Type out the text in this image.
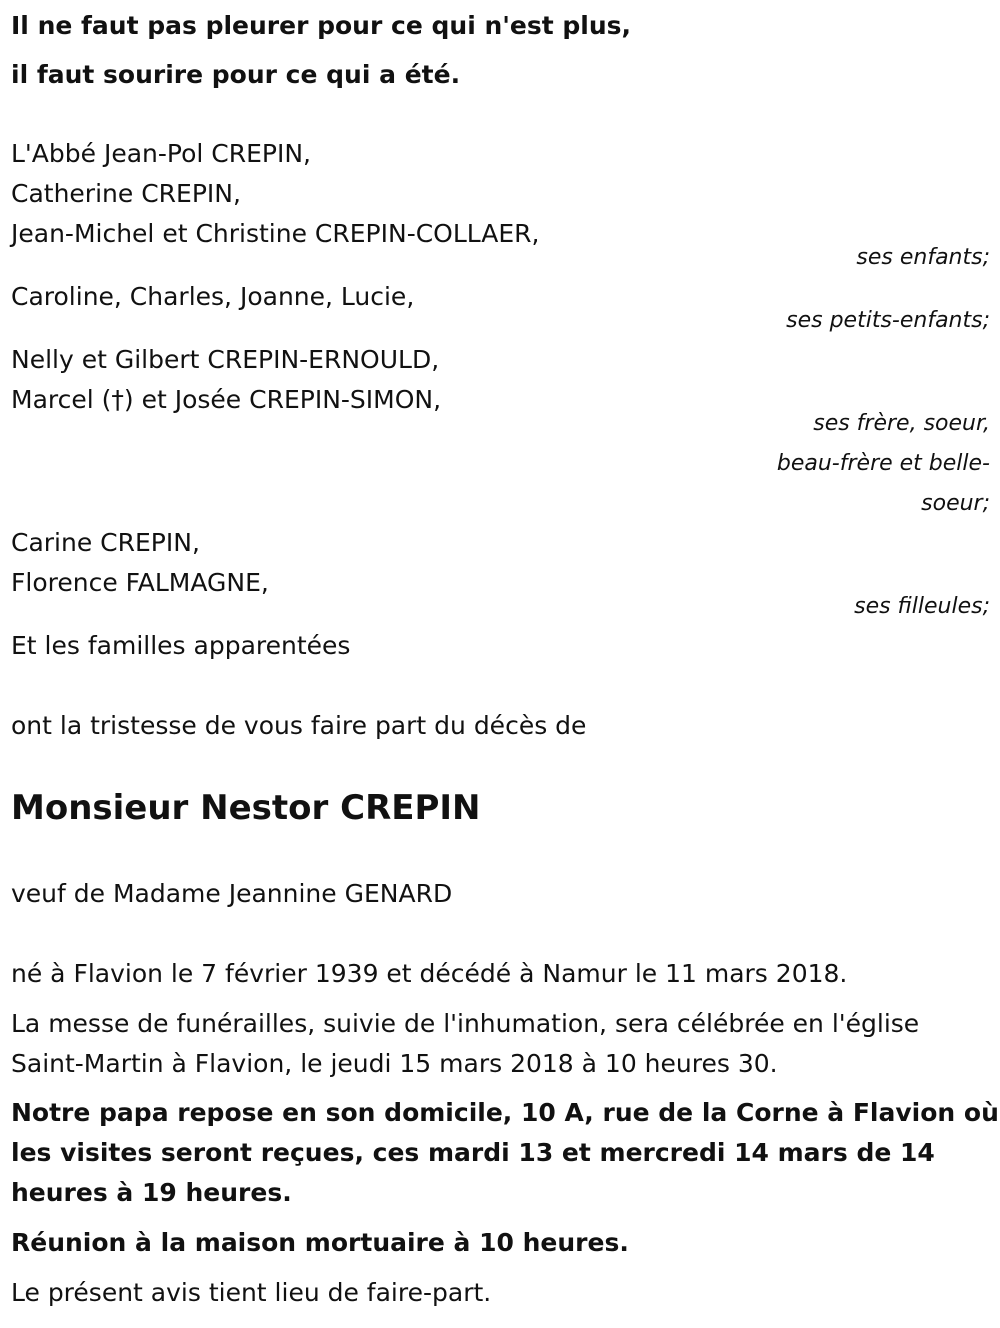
Il ne faut pas pleurer pour ce qui n'est plus,

il faut sourire pour ce qui a été.

L'Abbé Jean-Pol CREPIN,

Catherine CREPIN,

Jean-Michel et Christine CREPIN-COLLAER,

ses enfants;

Caroline, Charles, Joanne, Lucie,

ses petits-enfants;

Nelly et Gilbert CREPIN-ERNOULD,

Marcel (†) et Josée CREPIN-SIMON,

ses frère, soeur,

beau-frère et belle-

soeur;

Carine CREPIN,

Florence FALMAGNE,

ses filleules;

Et les familles apparentées

ont la tristesse de vous faire part du décès de

Monsieur Nestor CREPIN

veuf de Madame Jeannine GENARD

né à Flavion le 7 février 1939 et décédé à Namur le 11 mars 2018.

La messe de funérailles, suivie de l'inhumation, sera célébrée en l'église

Saint-Martin à Flavion, le jeudi 15 mars 2018 à 10 heures 30.

Notre papa repose en son domicile, 10 A, rue de la Corne à Flavion où

les visites seront reçues, ces mardi 13 et mercredi 14 mars de 14

heures à 19 heures.

Réunion à la maison mortuaire à 10 heures.

Le présent avis tient lieu de faire-part.
